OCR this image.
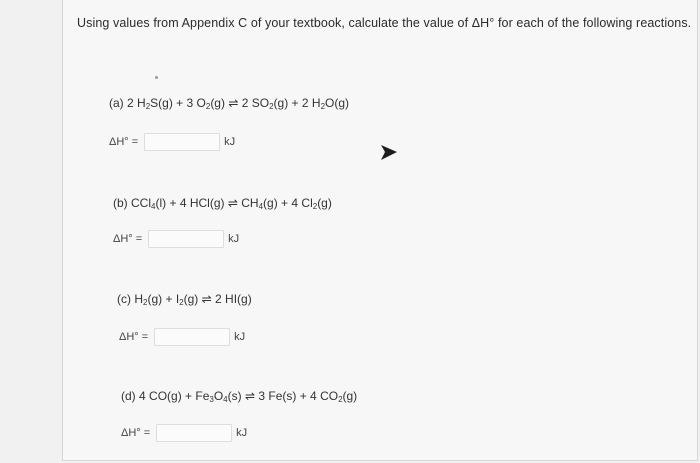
Using values from Appendix C of your textbook, calculate the value of ΔH° for each of the following reactions.
(a) 2 $H_2S(g) + 3$ $O_2(g)$ ⇌ 2 $SO_2(g) + 2$ $H_2O(g)$
ΔH° =	kJ
(b) CCl$_4$(l) + 4 HCl(g) ⇌ $CH_4(g) + 4$ $Cl_2(g)$
ΔH° =	kJ
(c) $H_2(g) + I_2(g)$ ⇌ 2 HI(g)
ΔH° =	kJ
(d) 4 $CO(g) + Fe_3O_4(s)$ ⇌ 3 Fe(s) + 4 $CO_2(g)$
ΔH° =	kJ
